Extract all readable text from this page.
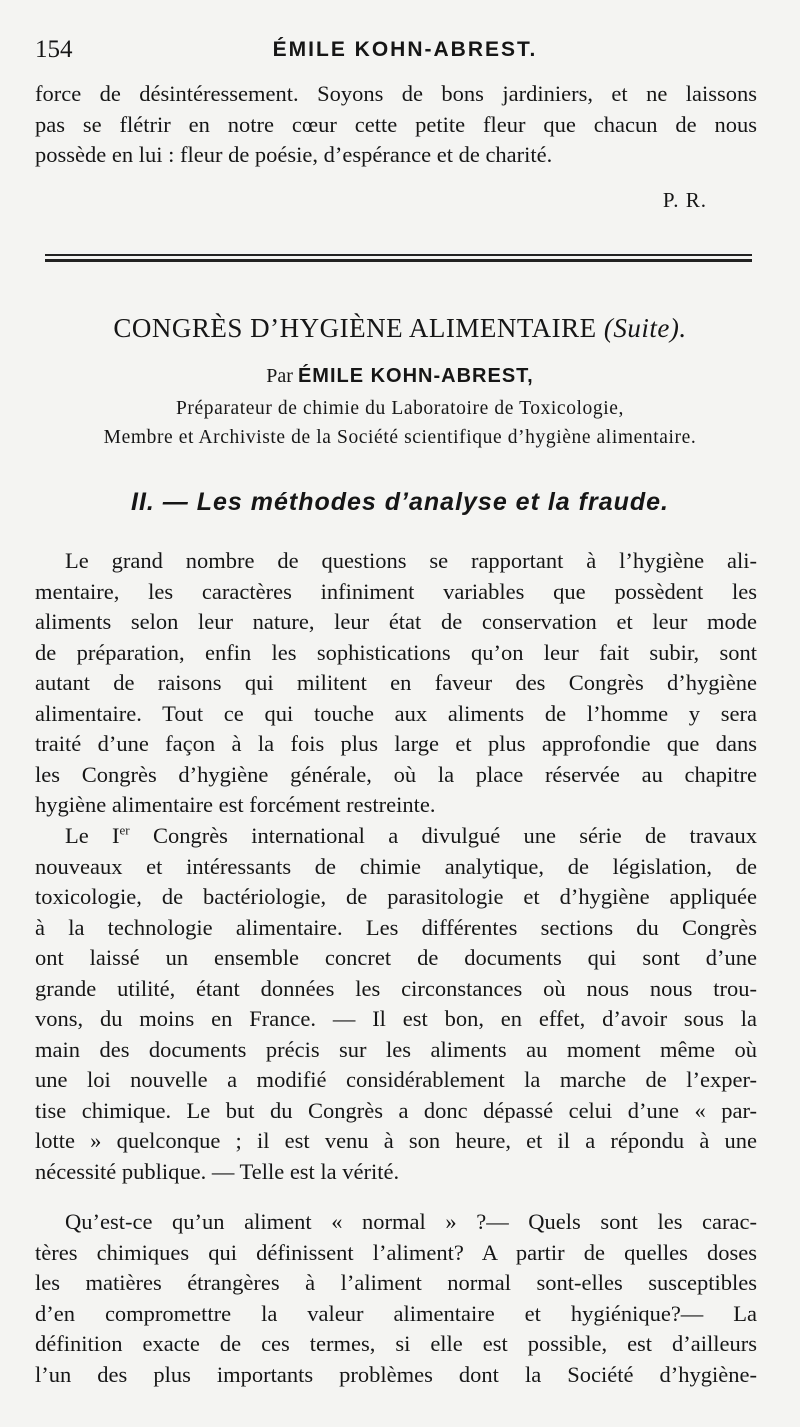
154	ÉMILE KOHN-ABREST.
force de désintéressement. Soyons de bons jardiniers, et ne laissons
pas se flétrir en notre cœur cette petite fleur que chacun de nous
possède en lui : fleur de poésie, d’espérance et de charité.
P. R.
CONGRÈS D’HYGIÈNE ALIMENTAIRE (Suite).
Par ÉMILE KOHN-ABREST,
Préparateur de chimie du Laboratoire de Toxicologie,
Membre et Archiviste de la Société scientifique d’hygiène alimentaire.
II. — Les méthodes d’analyse et la fraude.
Le grand nombre de questions se rapportant à l’hygiène ali-
mentaire, les caractères infiniment variables que possèdent les
aliments selon leur nature, leur état de conservation et leur mode
de préparation, enfin les sophistications qu’on leur fait subir, sont
autant de raisons qui militent en faveur des Congrès d’hygiène
alimentaire. Tout ce qui touche aux aliments de l’homme y sera
traité d’une façon à la fois plus large et plus approfondie que dans
les Congrès d’hygiène générale, où la place réservée au chapitre
hygiène alimentaire est forcément restreinte.
Le Ier Congrès international a divulgué une série de travaux
nouveaux et intéressants de chimie analytique, de législation, de
toxicologie, de bactériologie, de parasitologie et d’hygiène appliquée
à la technologie alimentaire. Les différentes sections du Congrès
ont laissé un ensemble concret de documents qui sont d’une
grande utilité, étant données les circonstances où nous nous trou-
vons, du moins en France. — Il est bon, en effet, d’avoir sous la
main des documents précis sur les aliments au moment même où
une loi nouvelle a modifié considérablement la marche de l’exper-
tise chimique. Le but du Congrès a donc dépassé celui d’une « par-
lotte » quelconque ; il est venu à son heure, et il a répondu à une
nécessité publique. — Telle est la vérité.
Qu’est-ce qu’un aliment « normal » ?— Quels sont les carac-
tères chimiques qui définissent l’aliment? A partir de quelles doses
les matières étrangères à l’aliment normal sont-elles susceptibles
d’en compromettre la valeur alimentaire et hygiénique?— La
définition exacte de ces termes, si elle est possible, est d’ailleurs
l’un des plus importants problèmes dont la Société d’hygiène-
